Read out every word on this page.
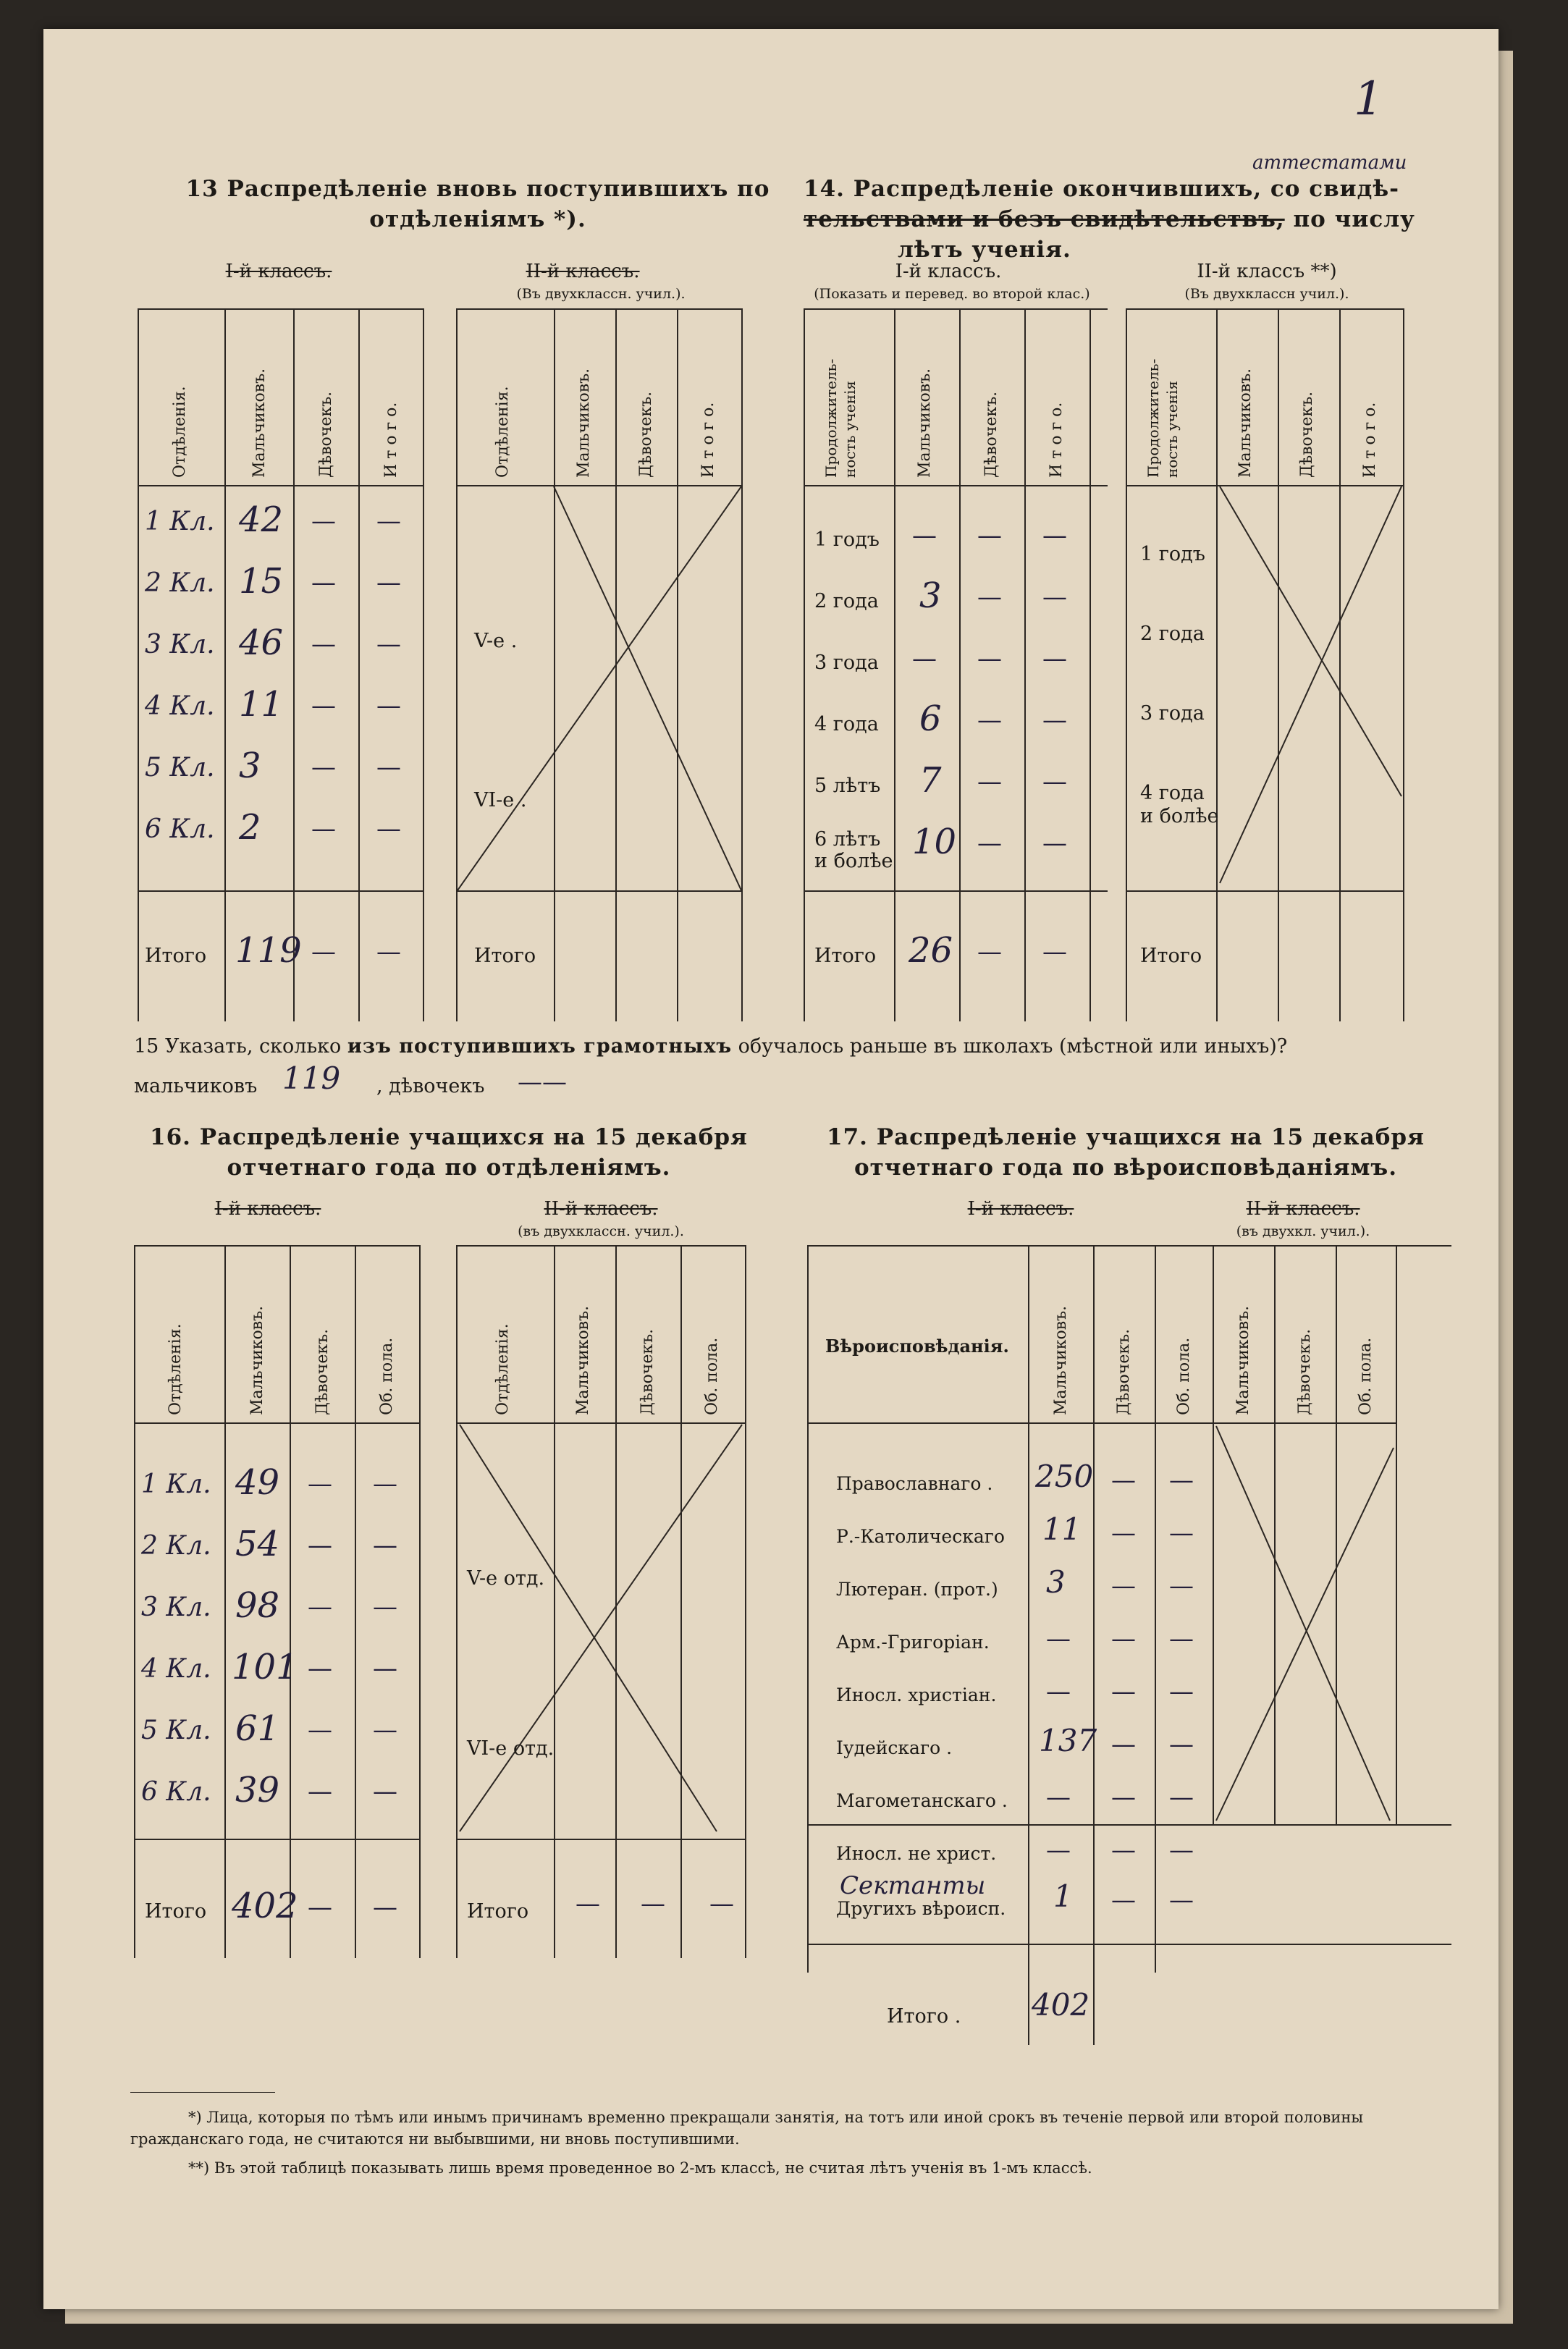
1
аттестатами
13 Распредѣленіе вновь поступившихъ по отдѣленіямъ *).
I-й классъ.	II-й классъ.
(Въ двухклассн. учил.).
Отдѣленія.	Мальчиковъ.	Дѣвочекъ.	И т о г о.
1 Кл. 42 — —
2 Кл. 15 — —
3 Кл. 46 — —
4 Кл. 11 — —
5 Кл. 3 — —
6 Кл. 2 — —
Итого 119 — —
Отдѣленія.	Мальчиковъ.	Дѣвочекъ.	И т о г о.
V-е .
VI-е .
Итого
14. Распредѣленіе окончившихъ, со свидѣ-
тельствами и безъ свидѣтельствъ, по числу
лѣтъ ученія.
I-й классъ.
(Показать и перевед. во второй клас.)
II-й классъ **)
(Въ двухклассн учил.).
Продолжитель-ность ученія	Мальчиковъ.	Дѣвочекъ.	И т о г о.
1 годъ — — —
2 года 3 — —
3 года — — —
4 года 6 — —
5 лѣтъ 7 — —
6 лѣтъ и болѣе 10 — —
Итого 26 — —
Продолжитель-ность ученія	Мальчиковъ.	Дѣвочекъ.	И т о г о.
1 годъ
2 года
3 года
4 года и болѣе
Итого
15 Указать, сколько изъ поступившихъ грамотныхъ обучалось раньше въ школахъ (мѣстной или иныхъ)?
мальчиковъ 119 , дѣвочекъ ——
16. Распредѣленіе учащихся на 15 декабря отчетнаго года по отдѣленіямъ.
I-й классъ.	II-й классъ.
(въ двухклассн. учил.).
Отдѣленія.	Мальчиковъ.	Дѣвочекъ.	Об. пола.
1 Кл. 49 — —
2 Кл. 54 — —
3 Кл. 98 — —
4 Кл. 101 — —
5 Кл. 61 — —
6 Кл. 39 — —
Итого 402 — —
Отдѣленія.	Мальчиковъ.	Дѣвочекъ.	Об. пола.
V-е отд.
VI-е отд.
Итого — — —
17. Распредѣленіе учащихся на 15 декабря отчетнаго года по вѣроисповѣданіямъ.
I-й классъ.	II-й классъ.
(въ двухкл. учил.).
Вѣроисповѣданія.	Мальчиковъ.	Дѣвочекъ.	Об. пола.	Мальчиковъ.	Дѣвочекъ.	Об. пола.
Православнаго . 250 — —
Р.-Католическаго 11 — —
Лютеран. (прот.) 3 — —
Арм.-Григоріан. — — —
Иносл. христіан. — — —
Іудейскаго .	137 — —
Магометанскаго . — — —
Иносл. не христ. — — —
Сектанты
Другихъ вѣроисп. 1 — —
Итого . 402
*) Лица, которыя по тѣмъ или инымъ причинамъ временно прекращали занятія, на тотъ или иной срокъ въ теченіе первой или второй половины гражданскаго года, не считаются ни выбывшими, ни вновь поступившими.
**) Въ этой таблицѣ показывать лишь время проведенное во 2-мъ классѣ, не считая лѣтъ ученія въ 1-мъ классѣ.
